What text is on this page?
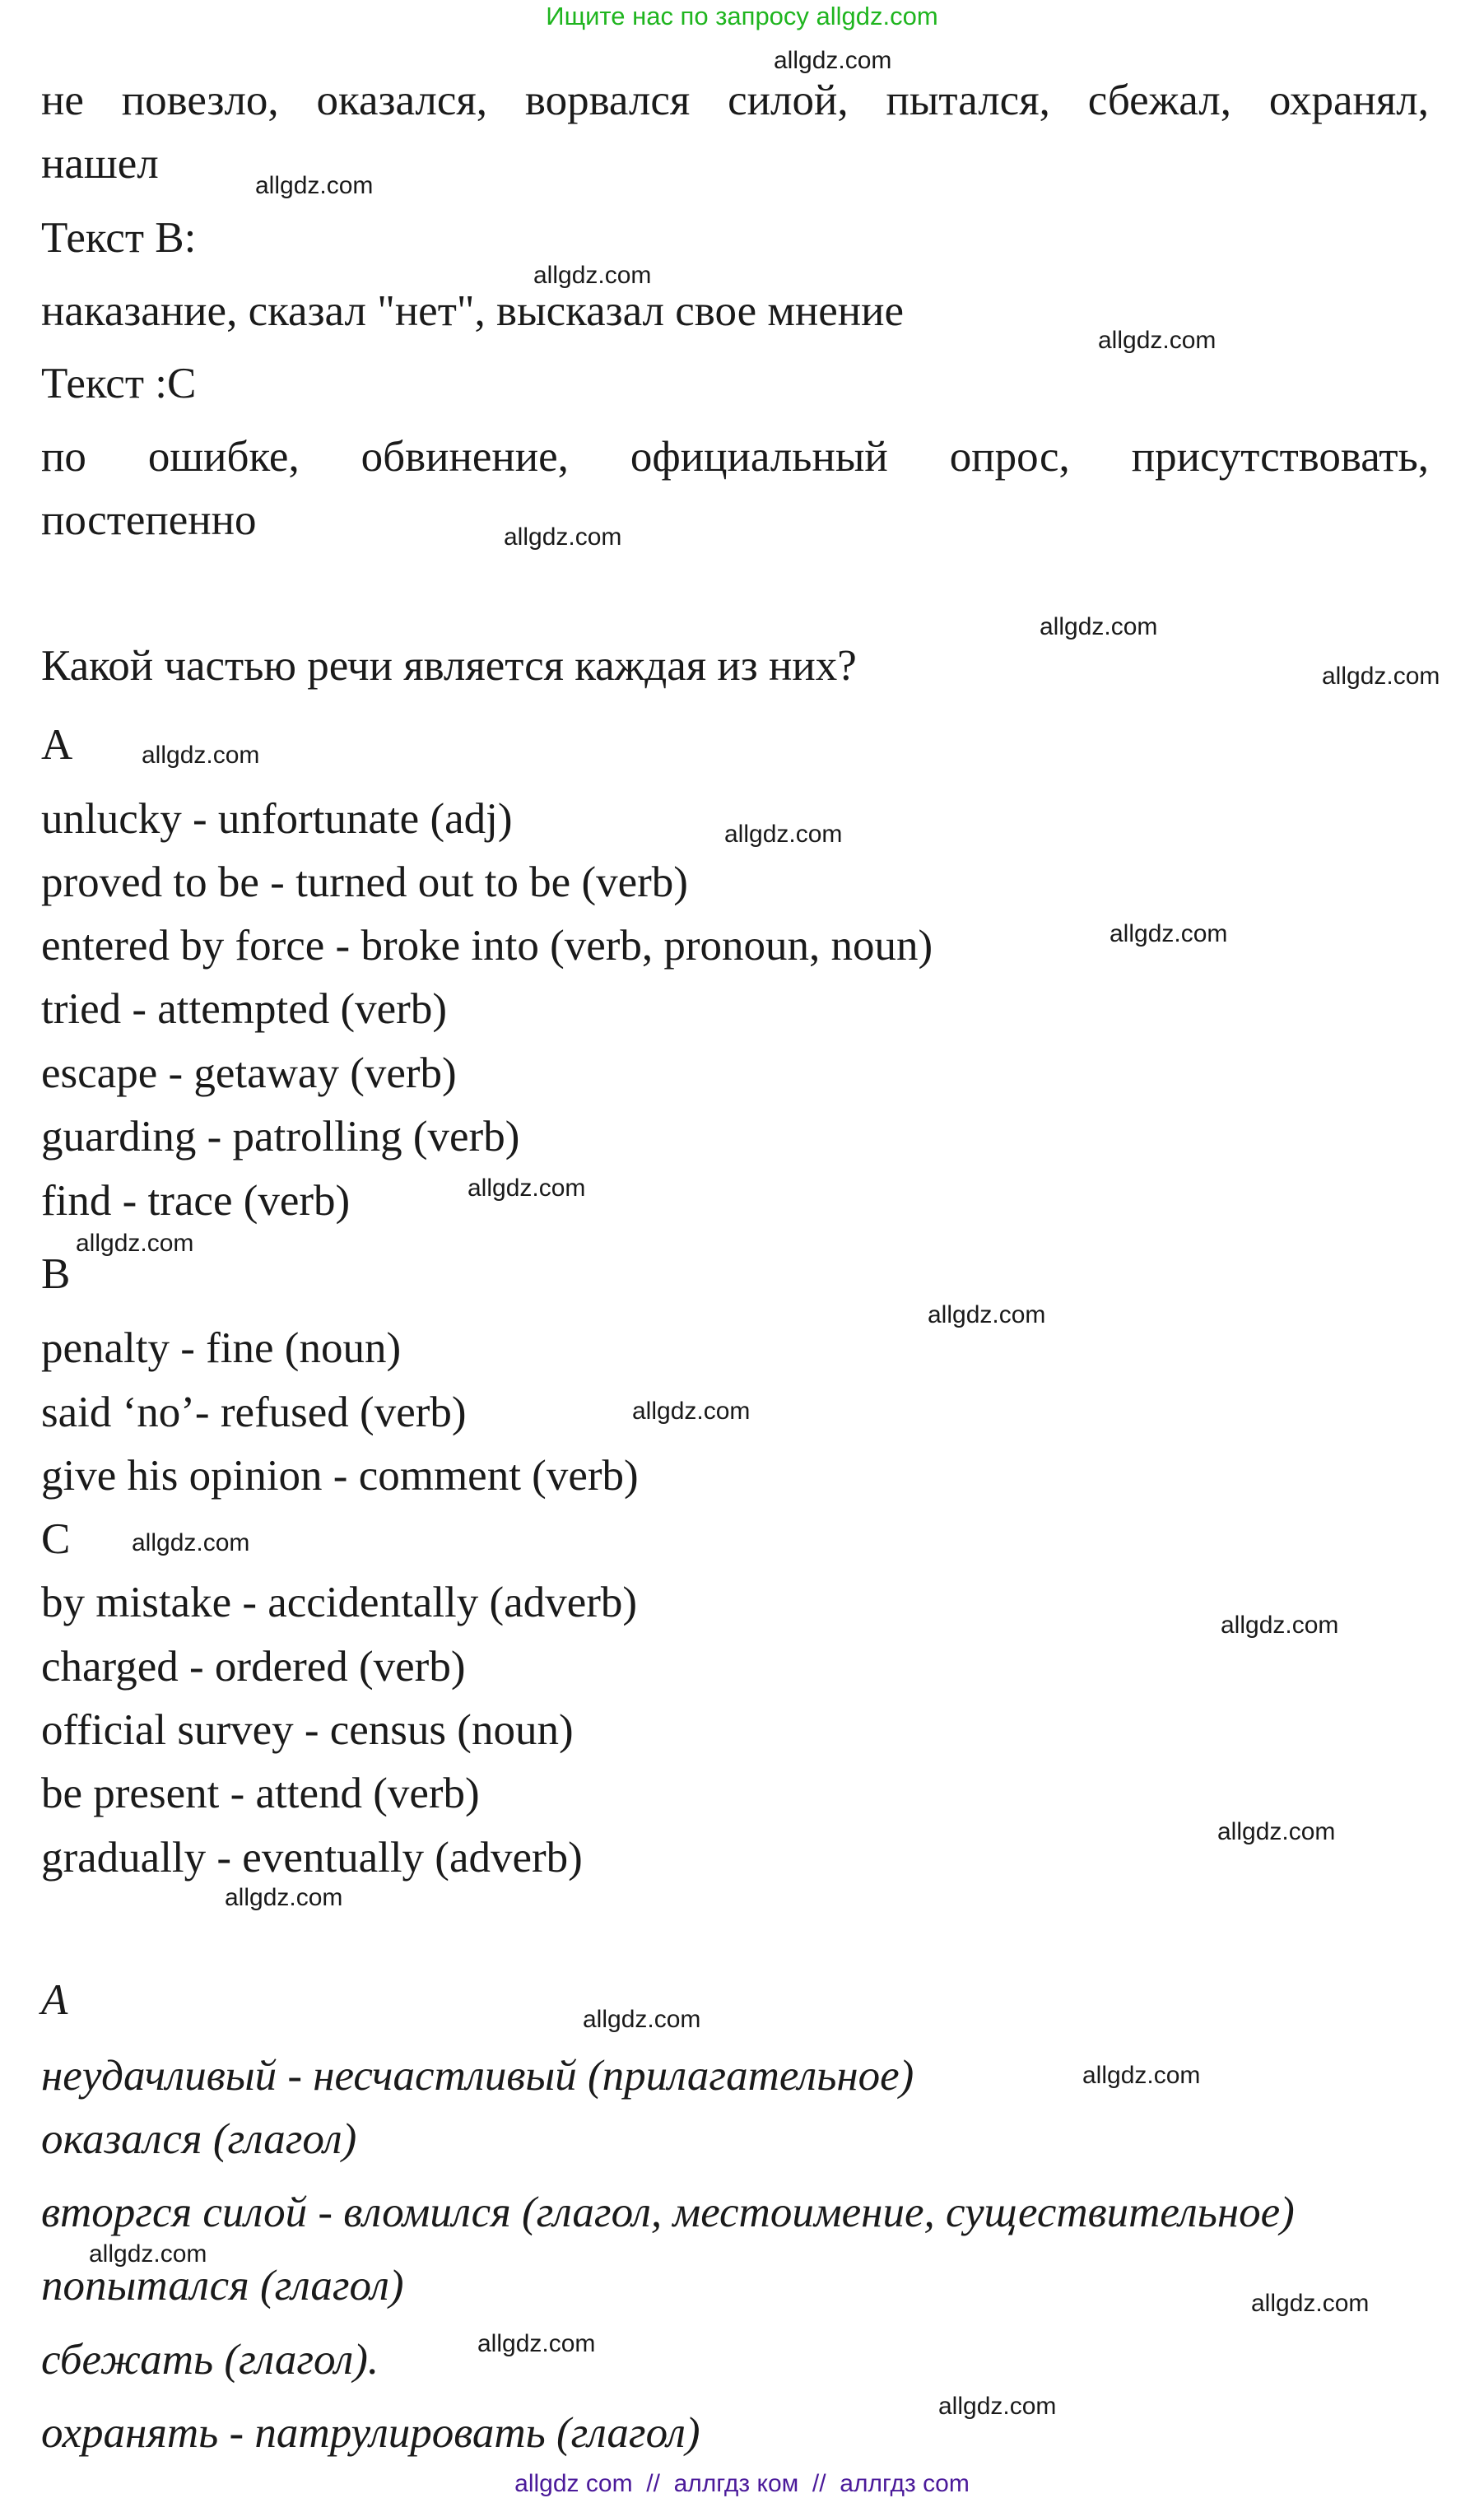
Ищите нас по запросу allgdz.com
не повезло, оказался, ворвался силой, пытался, сбежал, охранял,
нашел
Текст В:
наказание, сказал "нет", высказал свое мнение
Текст :С
по ошибке, обвинение, официальный опрос, присутствовать,
постепенно
Какой частью речи является каждая из них?
A
unlucky - unfortunate (adj)
proved to be - turned out to be (verb)
entered by force - broke into (verb, pronoun, noun)
tried - attempted (verb)
escape - getaway (verb)
guarding - patrolling (verb)
find - trace (verb)
B
penalty - fine (noun)
said ‘no’- refused (verb)
give his opinion - comment (verb)
C
by mistake - accidentally (adverb)
charged - ordered (verb)
official survey - census (noun)
be present - attend (verb)
gradually - eventually (adverb)
A
неудачливый - несчастливый (прилагательное)
оказался (глагол)
вторгся силой - вломился (глагол, местоимение, существительное)
попытался (глагол)
сбежать (глагол).
охранять - патрулировать (глагол)
allgdz.com
allgdz.com
allgdz.com
allgdz.com
allgdz.com
allgdz.com
allgdz.com
allgdz.com
allgdz.com
allgdz.com
allgdz.com
allgdz.com
allgdz.com
allgdz.com
allgdz.com
allgdz.com
allgdz.com
allgdz.com
allgdz.com
allgdz.com
allgdz.com
allgdz.com
allgdz.com
allgdz.com
allgdz com // аллгдз ком // аллгдз com
